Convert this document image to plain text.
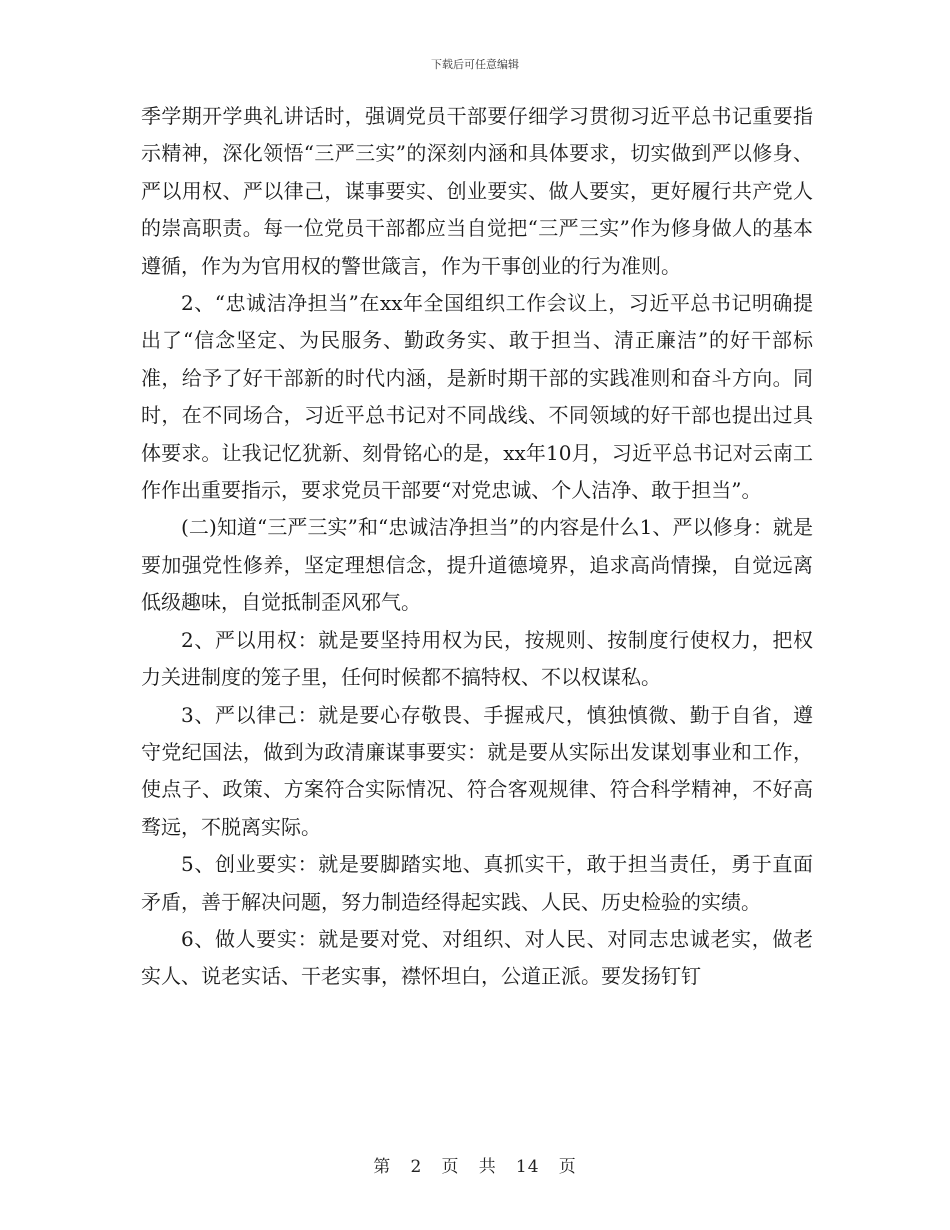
下载后可任意编辑

季学期开学典礼讲话时，强调党员干部要仔细学习贯彻习近平总书记重要指示精神，深化领悟“三严三实”的深刻内涵和具体要求，切实做到严以修身、严以用权、严以律己，谋事要实、创业要实、做人要实，更好履行共产党人的崇高职责。每一位党员干部都应当自觉把“三严三实”作为修身做人的基本遵循，作为为官用权的警世箴言，作为干事创业的行为准则。

2、“忠诚洁净担当”在xx年全国组织工作会议上，习近平总书记明确提出了“信念坚定、为民服务、勤政务实、敢于担当、清正廉洁”的好干部标准，给予了好干部新的时代内涵，是新时期干部的实践准则和奋斗方向。同时，在不同场合，习近平总书记对不同战线、不同领域的好干部也提出过具体要求。让我记忆犹新、刻骨铭心的是，xx年10月，习近平总书记对云南工作作出重要指示，要求党员干部要“对党忠诚、个人洁净、敢于担当”。

(二)知道“三严三实”和“忠诚洁净担当”的内容是什么1、严以修身：就是要加强党性修养，坚定理想信念，提升道德境界，追求高尚情操，自觉远离低级趣味，自觉抵制歪风邪气。

2、严以用权：就是要坚持用权为民，按规则、按制度行使权力，把权力关进制度的笼子里，任何时候都不搞特权、不以权谋私。

3、严以律己：就是要心存敬畏、手握戒尺，慎独慎微、勤于自省，遵守党纪国法，做到为政清廉谋事要实：就是要从实际出发谋划事业和工作，使点子、政策、方案符合实际情况、符合客观规律、符合科学精神，不好高骛远，不脱离实际。

5、创业要实：就是要脚踏实地、真抓实干，敢于担当责任，勇于直面矛盾，善于解决问题，努力制造经得起实践、人民、历史检验的实绩。

6、做人要实：就是要对党、对组织、对人民、对同志忠诚老实，做老实人、说老实话、干老实事，襟怀坦白，公道正派。要发扬钉钉

第 2 页 共 14 页
